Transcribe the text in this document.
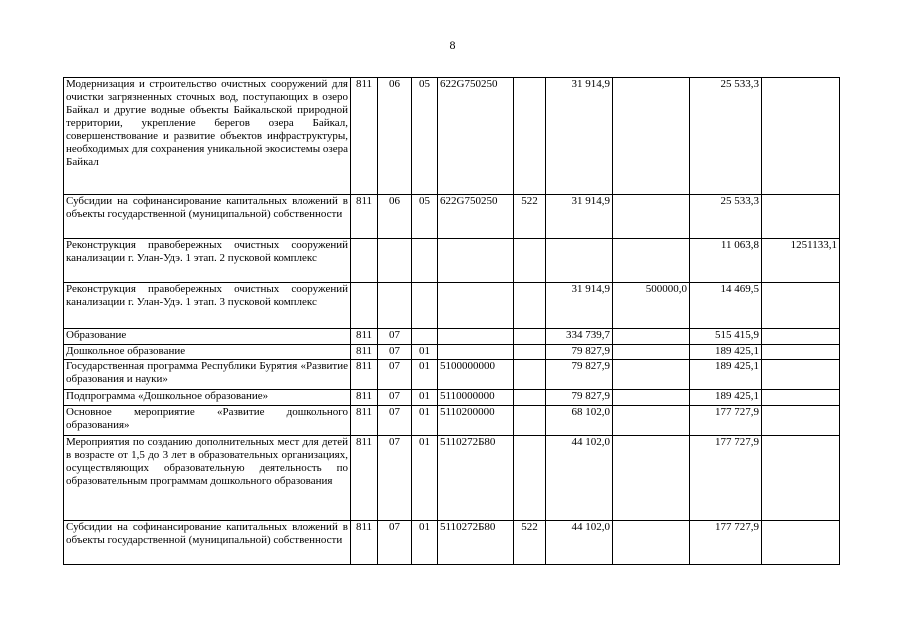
8
Модернизация и строительство очистных сооружений для очистки загрязненных сточных вод, поступающих в озеро Байкал и другие водные объекты Байкальской природной территории, укрепление берегов озера Байкал, совершенствование и развитие объектов инфраструктуры, необходимых для сохранения уникальной экосистемы озера Байкал	811	06	05	622G750250		31 914,9		25 533,3	
Субсидии на софинансирование капитальных вложений в объекты государственной (муниципальной) собственности	811	06	05	622G750250	522	31 914,9		25 533,3	
Реконструкция правобережных очистных сооружений канализации г. Улан-Удэ. 1 этап. 2 пусковой комплекс								11 063,8	1251133,1
Реконструкция правобережных очистных сооружений канализации г. Улан-Удэ. 1 этап. 3 пусковой комплекс						31 914,9	500000,0	14 469,5	
Образование	811	07				334 739,7		515 415,9	
Дошкольное образование	811	07	01			79 827,9		189 425,1	
Государственная программа Республики Бурятия «Развитие образования и науки»	811	07	01	5100000000		79 827,9		189 425,1	
Подпрограмма «Дошкольное образование»	811	07	01	5110000000		79 827,9		189 425,1	
Основное мероприятие «Развитие дошкольного образования»	811	07	01	5110200000		68 102,0		177 727,9	
Мероприятия по созданию дополнительных мест для детей в возрасте от 1,5 до 3 лет в образовательных организациях, осуществляющих образовательную деятельность по образовательным программам дошкольного образования	811	07	01	5110272Б80		44 102,0		177 727,9	
Субсидии на софинансирование капитальных вложений в объекты государственной (муниципальной) собственности	811	07	01	5110272Б80	522	44 102,0		177 727,9	
